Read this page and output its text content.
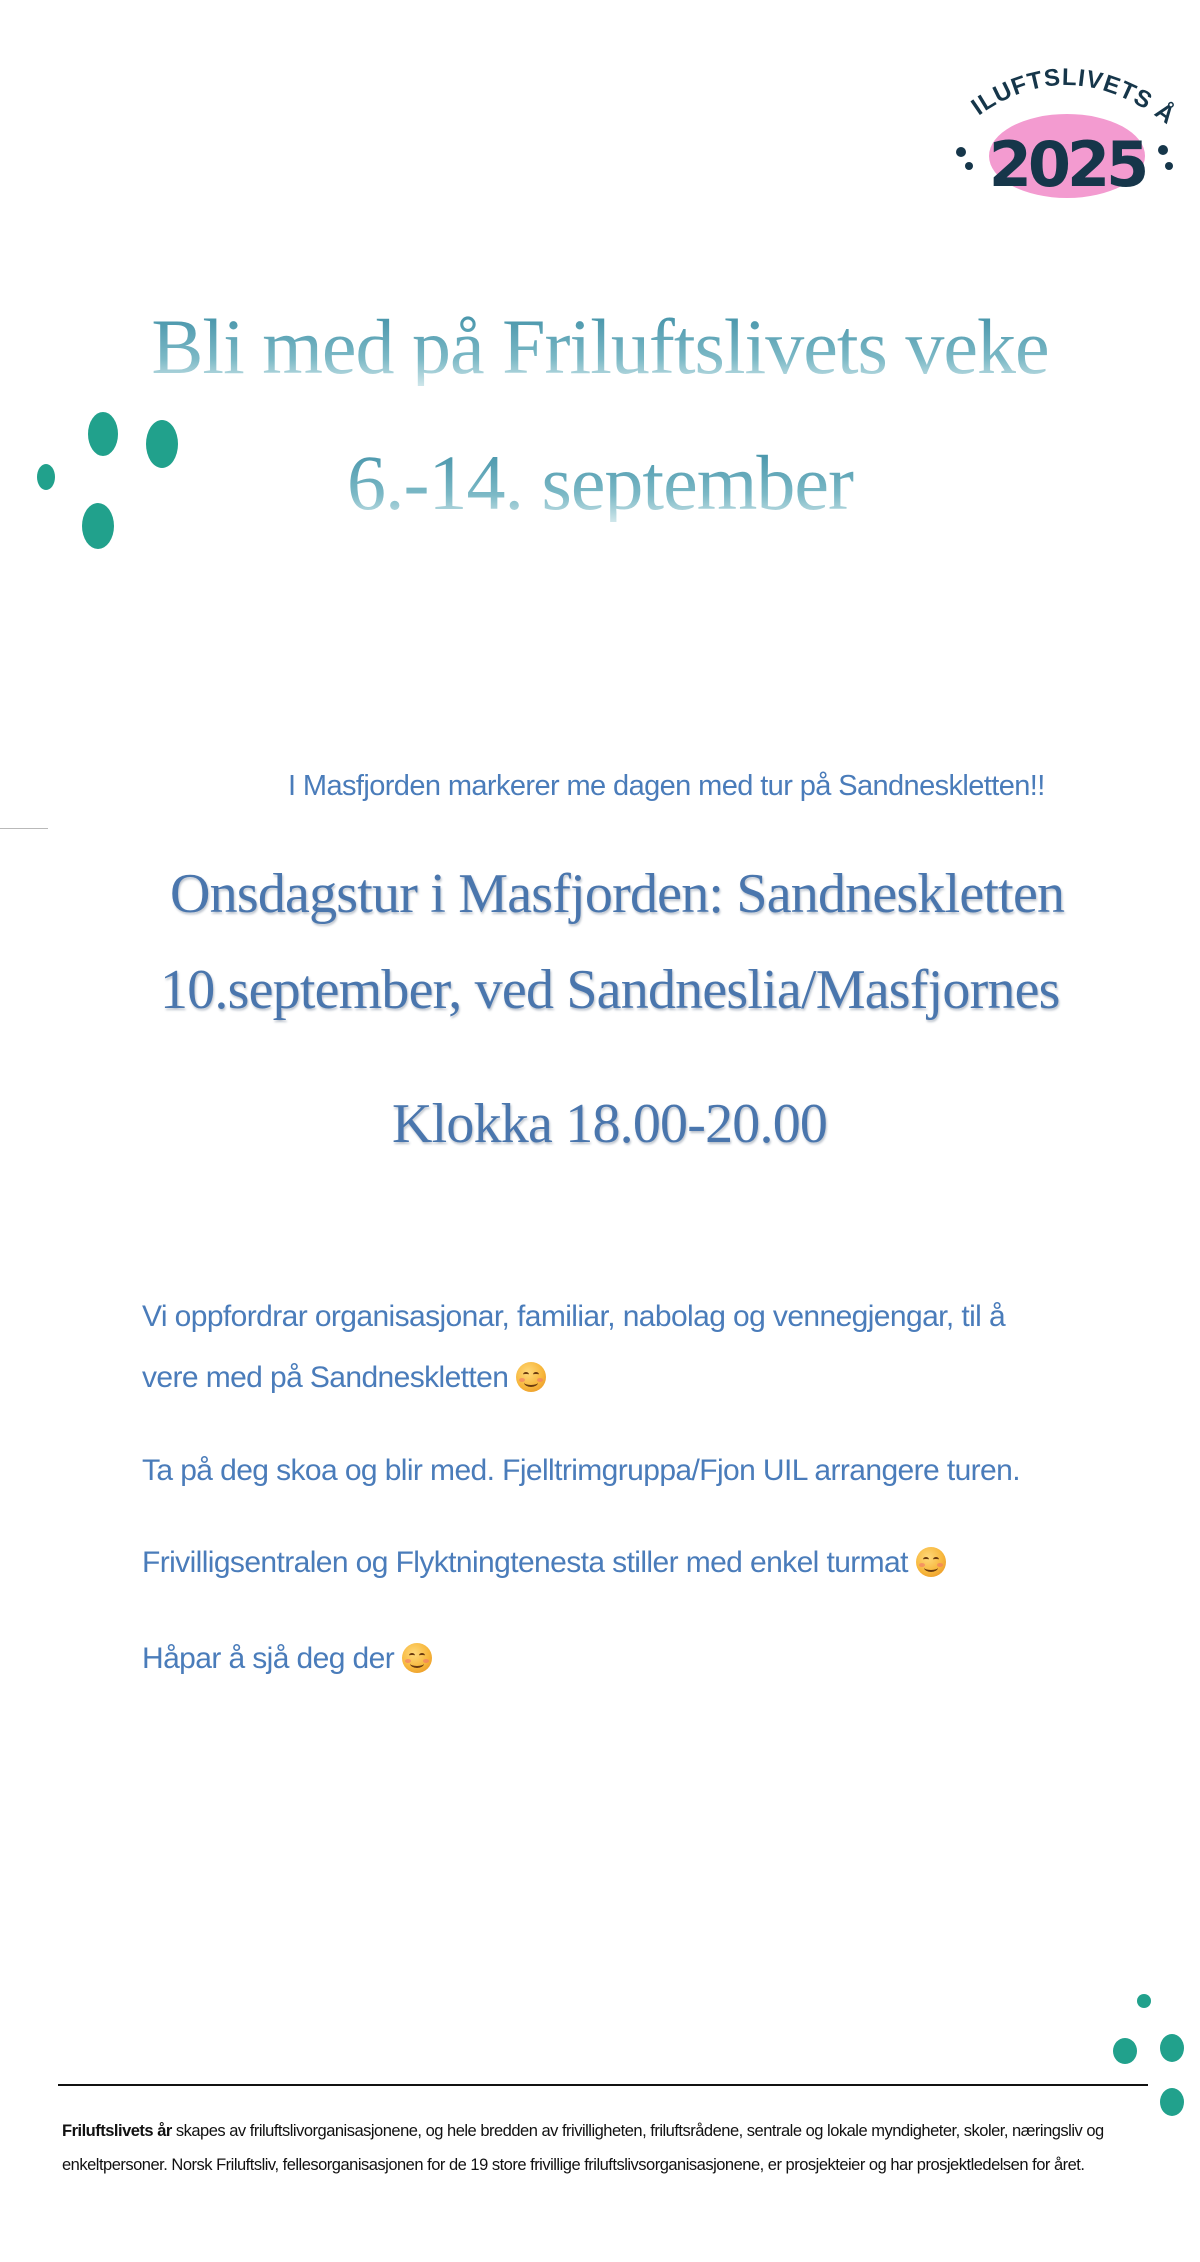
ILUFTSLIVETS
2025
Bli med på Friluftslivets veke
6.-14. september
I Masfjorden markerer me dagen med tur på Sandneskletten!!
Onsdagstur i Masfjorden: Sandneskletten
10.september, ved Sandneslia/Masfjornes
Klokka 18.00-20.00
Vi oppfordrar organisasjonar, familiar, nabolag og vennegjengar, til å vere med på Sandneskletten
Ta på deg skoa og blir med. Fjelltrimgruppa/Fjon UIL arrangere turen.
Frivilligsentralen og Flyktningtenesta stiller med enkel turmat
Håpar å sjå deg der
Friluftslivets år skapes av friluftslivorganisasjonene, og hele bredden av frivilligheten, friluftsrådene, sentrale og lokale myndigheter, skoler, næringsliv og enkeltpersoner. Norsk Friluftsliv, fellesorganisasjonen for de 19 store frivillige friluftslivsorganisasjonene, er prosjekteier og har prosjektledelsen for året.
